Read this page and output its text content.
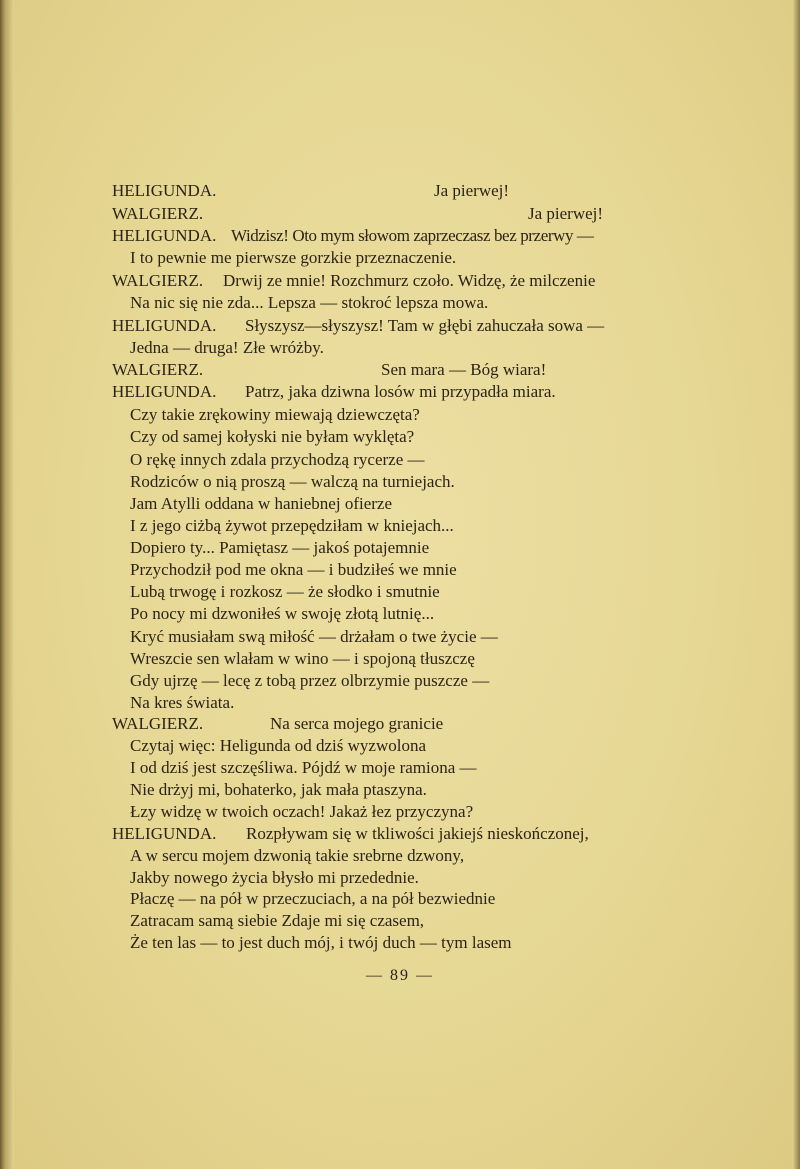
HELIGUNDA.	Ja pierwej!
WALGIERZ.	Ja pierwej!
HELIGUNDA. Widzisz! Oto mym słowom zaprzeczasz bez przerwy —
I to pewnie me pierwsze gorzkie przeznaczenie.
WALGIERZ. Drwij ze mnie! Rozchmurz czoło. Widzę, że milczenie
Na nic się nie zda... Lepsza — stokroć lepsza mowa.
HELIGUNDA. Słyszysz—słyszysz! Tam w głębi zahuczała sowa —
Jedna — druga! Złe wróżby.
WALGIERZ.	Sen mara — Bóg wiara!
HELIGUNDA. Patrz, jaka dziwna losów mi przypadła miara.
Czy takie zrękowiny miewają dziewczęta?
Czy od samej kołyski nie byłam wyklęta?
O rękę innych zdala przychodzą rycerze —
Rodziców o nią proszą — walczą na turniejach.
Jam Atylli oddana w haniebnej ofierze
I z jego ciżbą żywot przepędziłam w kniejach...
Dopiero ty... Pamiętasz — jakoś potajemnie
Przychodził pod me okna — i budziłeś we mnie
Lubą trwogę i rozkosz — że słodko i smutnie
Po nocy mi dzwoniłeś w swoję złotą lutnię...
Kryć musiałam swą miłość — drżałam o twe życie —
Wreszcie sen wlałam w wino — i spojoną tłuszczę
Gdy ujrzę — lecę z tobą przez olbrzymie puszcze —
Na kres świata.
WALGIERZ.	Na serca mojego granicie
Czytaj więc: Heligunda od dziś wyzwolona
I od dziś jest szczęśliwa. Pójdź w moje ramiona —
Nie drżyj mi, bohaterko, jak mała ptaszyna.
Łzy widzę w twoich oczach! Jakaż łez przyczyna?
HELIGUNDA. Rozpływam się w tkliwości jakiejś nieskończonej,
A w sercu mojem dzwonią takie srebrne dzwony,
Jakby nowego życia błysło mi przedednie.
Płaczę — na pół w przeczuciach, a na pół bezwiednie
Zatracam samą siebie Zdaje mi się czasem,
Że ten las — to jest duch mój, i twój duch — tym lasem
— 89 —
